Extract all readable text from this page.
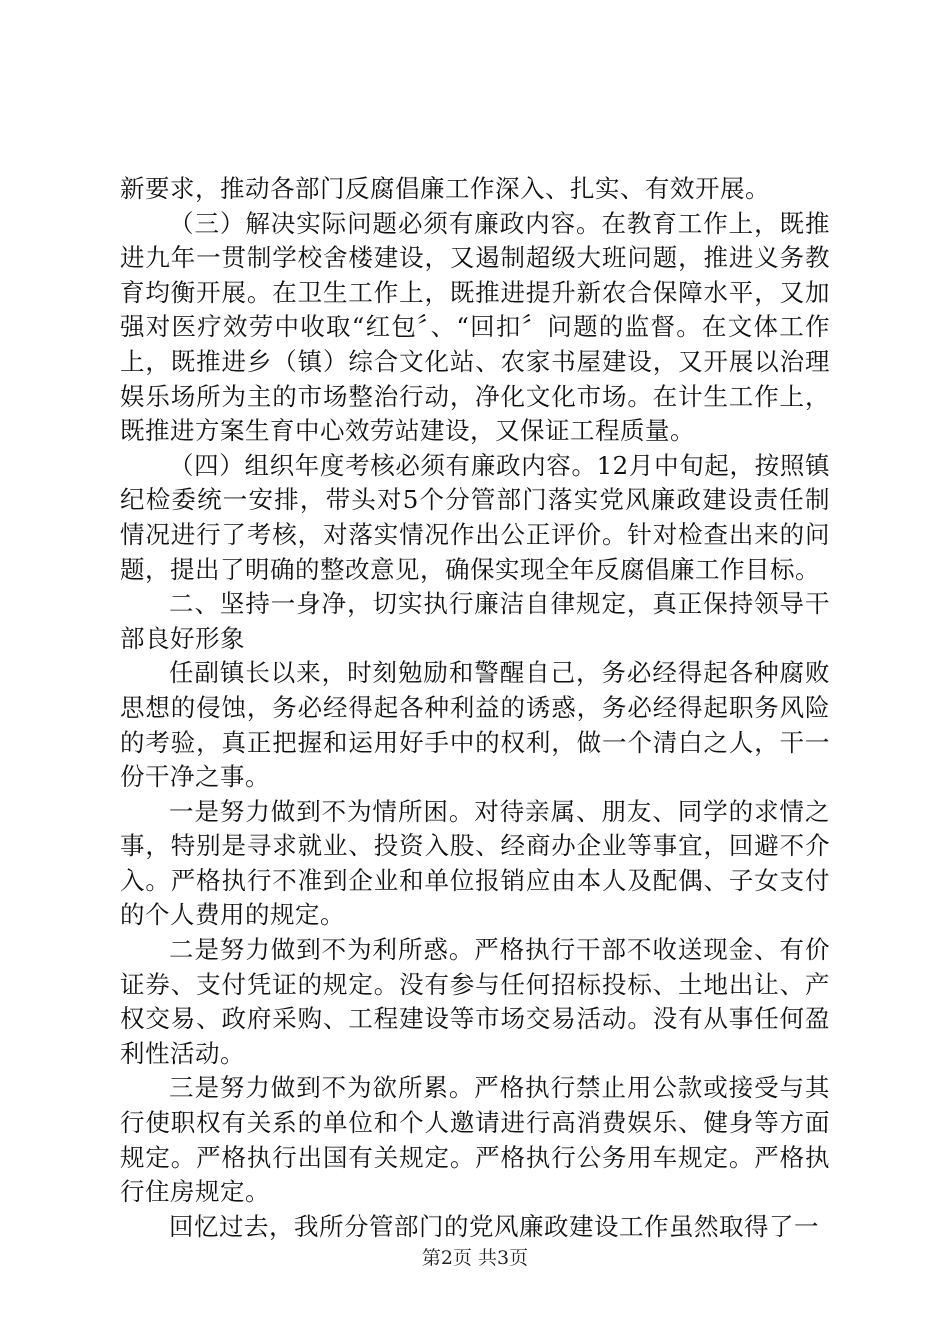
新要求，推动各部门反腐倡廉工作深入、扎实、有效开展。

（三）解决实际问题必须有廉政内容。在教育工作上，既推进九年一贯制学校舍楼建设，又遏制超级大班问题，推进义务教育均衡开展。在卫生工作上，既推进提升新农合保障水平，又加强对医疗效劳中收取“红包〞、“回扣〞问题的监督。在文体工作上，既推进乡（镇）综合文化站、农家书屋建设，又开展以治理娱乐场所为主的市场整治行动，净化文化市场。在计生工作上，既推进方案生育中心效劳站建设，又保证工程质量。

（四）组织年度考核必须有廉政内容。12月中旬起，按照镇纪检委统一安排，带头对5个分管部门落实党风廉政建设责任制情况进行了考核，对落实情况作出公正评价。针对检查出来的问题，提出了明确的整改意见，确保实现全年反腐倡廉工作目标。

二、坚持一身净，切实执行廉洁自律规定，真正保持领导干部良好形象

任副镇长以来，时刻勉励和警醒自己，务必经得起各种腐败思想的侵蚀，务必经得起各种利益的诱惑，务必经得起职务风险的考验，真正把握和运用好手中的权利，做一个清白之人，干一份干净之事。

一是努力做到不为情所困。对待亲属、朋友、同学的求情之事，特别是寻求就业、投资入股、经商办企业等事宜，回避不介入。严格执行不准到企业和单位报销应由本人及配偶、子女支付的个人费用的规定。

二是努力做到不为利所惑。严格执行干部不收送现金、有价证券、支付凭证的规定。没有参与任何招标投标、土地出让、产权交易、政府采购、工程建设等市场交易活动。没有从事任何盈利性活动。

三是努力做到不为欲所累。严格执行禁止用公款或接受与其行使职权有关系的单位和个人邀请进行高消费娱乐、健身等方面规定。严格执行出国有关规定。严格执行公务用车规定。严格执行住房规定。

回忆过去，我所分管部门的党风廉政建设工作虽然取得了一

第2页 共3页
